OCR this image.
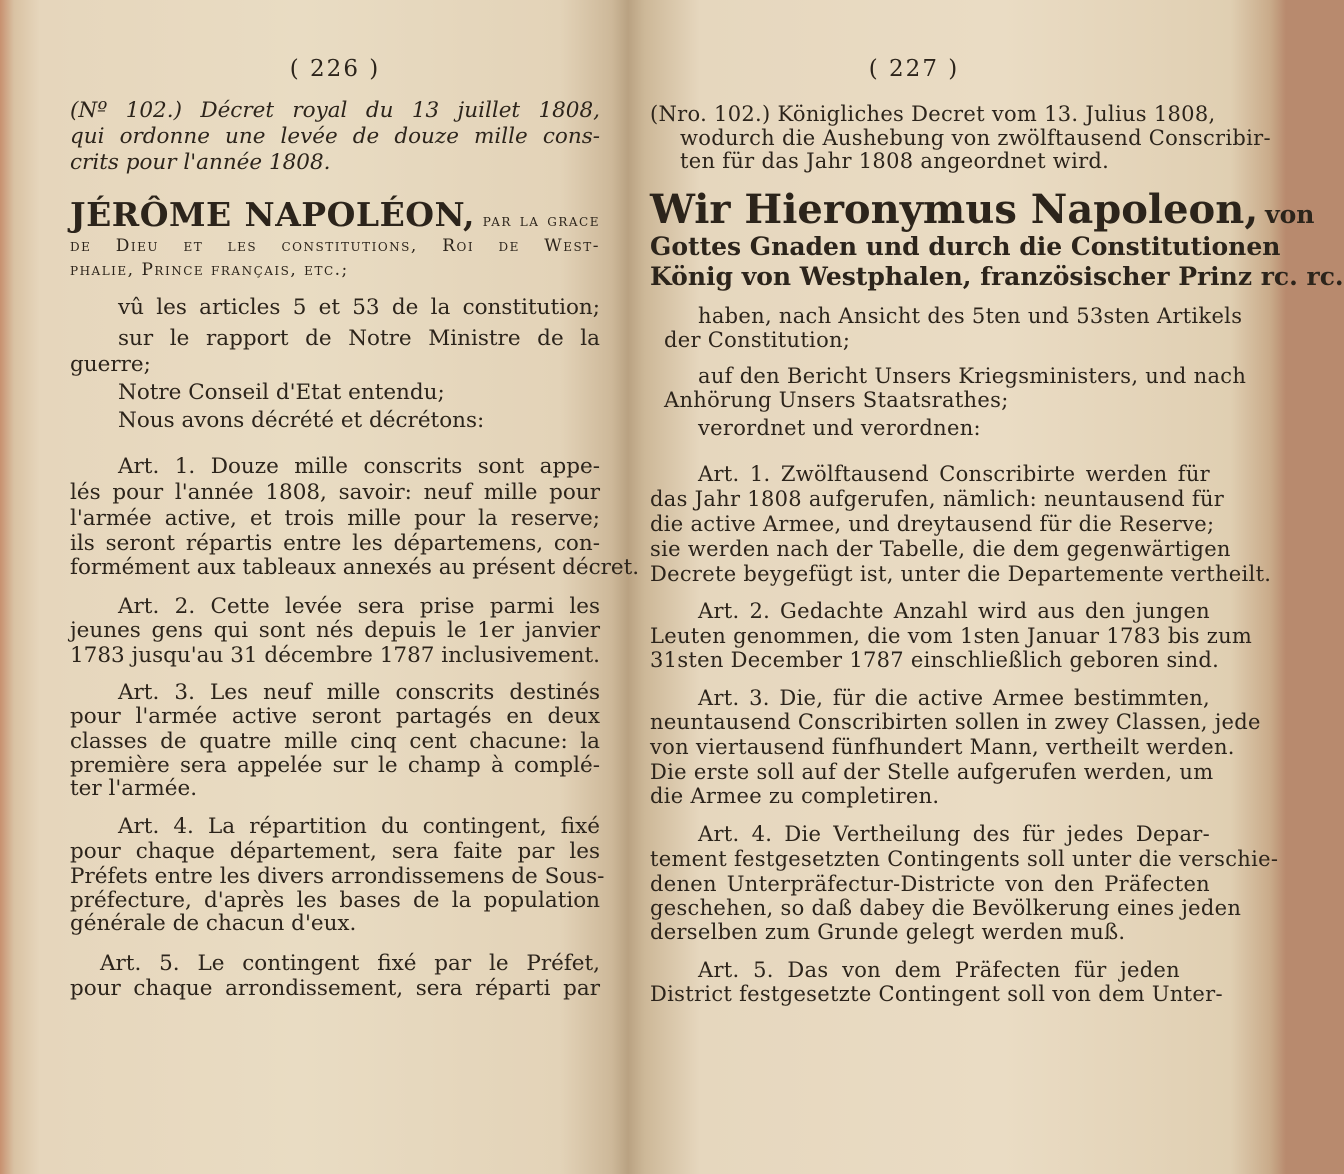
( 226 )
(Nº 102.) Décret royal du 13 juillet 1808,
qui ordonne une levée de douze mille cons-
crits pour l'année 1808.
JÉRÔME NAPOLÉON, par la grace
de Dieu et les constitutions, Roi de West-
phalie, Prince français, etc.;
vû les articles 5 et 53 de la constitution;
sur le rapport de Notre Ministre de la
guerre;
Notre Conseil d'Etat entendu;
Nous avons décrété et décrétons:
Art. 1. Douze mille conscrits sont appe-
lés pour l'année 1808, savoir: neuf mille pour
l'armée active, et trois mille pour la reserve;
ils seront répartis entre les départemens, con-
formément aux tableaux annexés au présent décret.
Art. 2. Cette levée sera prise parmi les
jeunes gens qui sont nés depuis le 1er janvier
1783 jusqu'au 31 décembre 1787 inclusivement.
Art. 3. Les neuf mille conscrits destinés
pour l'armée active seront partagés en deux
classes de quatre mille cinq cent chacune: la
première sera appelée sur le champ à complé-
ter l'armée.
Art. 4. La répartition du contingent, fixé
pour chaque département, sera faite par les
Préfets entre les divers arrondissemens de Sous-
préfecture, d'après les bases de la population
générale de chacun d'eux.
Art. 5. Le contingent fixé par le Préfet,
pour chaque arrondissement, sera réparti par
( 227 )
(Nro. 102.) Königliches Decret vom 13. Julius 1808,
wodurch die Aushebung von zwölftausend Conscribir-
ten für das Jahr 1808 angeordnet wird.
Wir Hieronymus Napoleon, von
Gottes Gnaden und durch die Constitutionen
König von Westphalen, französischer Prinz rc. rc.
haben, nach Ansicht des 5ten und 53sten Artikels
der Constitution;
auf den Bericht Unsers Kriegsministers, und nach
Anhörung Unsers Staatsrathes;
verordnet und verordnen:
Art. 1. Zwölftausend Conscribirte werden für
das Jahr 1808 aufgerufen, nämlich: neuntausend für
die active Armee, und dreytausend für die Reserve;
sie werden nach der Tabelle, die dem gegenwärtigen
Decrete beygefügt ist, unter die Departemente vertheilt.
Art. 2. Gedachte Anzahl wird aus den jungen
Leuten genommen, die vom 1sten Januar 1783 bis zum
31sten December 1787 einschließlich geboren sind.
Art. 3. Die, für die active Armee bestimmten,
neuntausend Conscribirten sollen in zwey Classen, jede
von viertausend fünfhundert Mann, vertheilt werden.
Die erste soll auf der Stelle aufgerufen werden, um
die Armee zu completiren.
Art. 4. Die Vertheilung des für jedes Depar-
tement festgesetzten Contingents soll unter die verschie-
denen Unterpräfectur-Districte von den Präfecten
geschehen, so daß dabey die Bevölkerung eines jeden
derselben zum Grunde gelegt werden muß.
Art. 5. Das von dem Präfecten für jeden
District festgesetzte Contingent soll von dem Unter-
